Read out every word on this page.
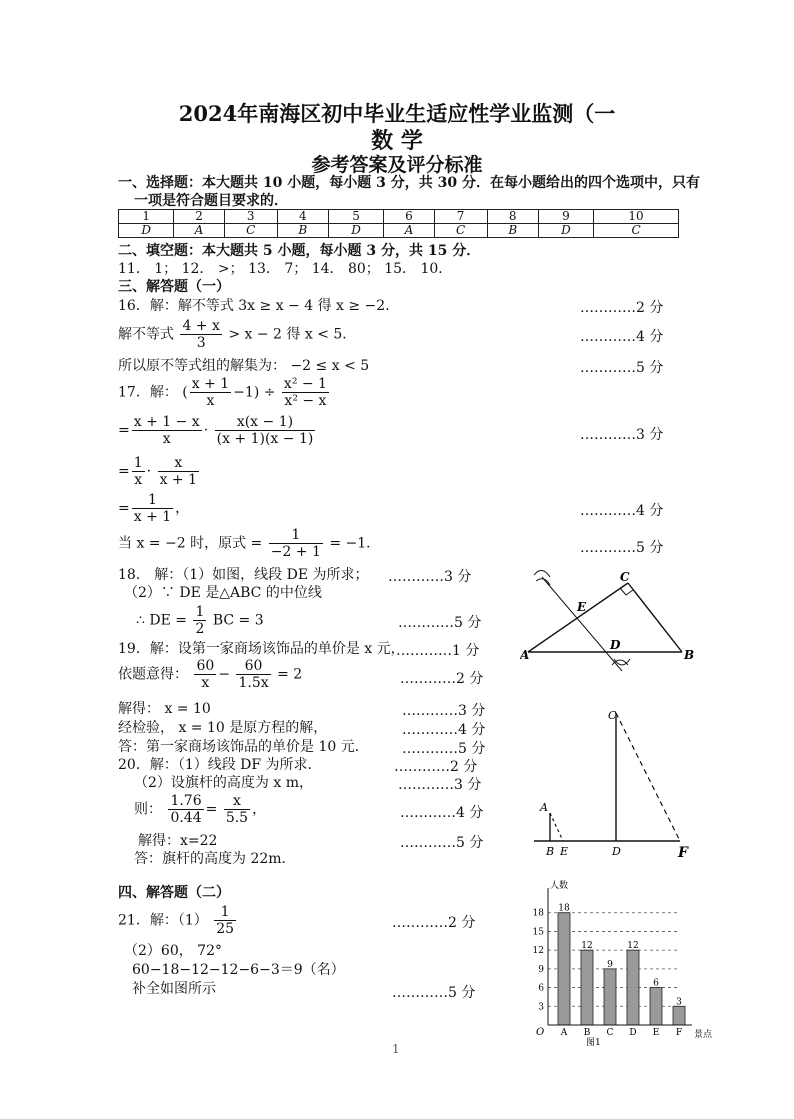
2024年南海区初中毕业生适应性学业监测（一
数 学
参考答案及评分标准
一、选择题：本大题共 10 小题，每小题 3 分，共 30 分．在每小题给出的四个选项中，只有
一项是符合题目要求的．
1	2	3	4	5	6	7	8	9	10
D	A	C	B	D	A	C	B	D	C
二、填空题：本大题共 5 小题，每小题 3 分，共 15 分．
11． 1； 12． >； 13． 7； 14． 80； 15． 10．
三、解答题（一）
16．解：解不等式 3x ≥ x − 4 得 x ≥ −2．	…………2 分
解不等式 $\frac{4 + x}{3} > x - 2$ 得 x < 5．	…………4 分
所以原不等式组的解集为： −2 ≤ x < 5	…………5 分
17．解： ( $\frac{x + 1}{x} -1) \div \frac{\text{x² − 1}}{\text{x² − x}}$
= $\frac{x + 1 - x}{x} \cdot \frac{x(x - 1)}{(x + 1)(x - 1)}$	…………3 分
= $\frac{1}{x} \cdot \frac{x}{x + 1}$
= $\frac{1}{x + 1}$ ，	…………4 分
当 x = −2 时，原式 = $\frac{1}{-2 + 1} = -1$．	…………5 分
18． 解：（1）如图，线段 DE 为所求； …………3 分
（2）∵ DE 是△ABC 的中位线
∴ DE = $\frac{1}{2}$ BC = 3	…………5 分
19．解：设第一家商场该饰品的单价是 x 元，
…………1 分
依题意得： $\frac{60}{x} - \frac{60}{1.5x} = 2$	…………2 分
解得： x = 10	…………3 分
经检验， x = 10 是原方程的解，	…………4 分
答：第一家商场该饰品的单价是 10 元． …………5 分
20．解：（1）线段 DF 为所求．	…………2 分
（2）设旗杆的高度为 x m，	…………3 分
则： $\frac{1.76}{0.44} = \frac{x}{5.5}$ ，	…………4 分
解得：x=22	…………5 分
答：旗杆的高度为 22m．
四、解答题（二）
21．解：$(1) \frac{1}{25}$	…………2 分
（2）60， 72°
60−18−12−12−6−3＝9（名）
补全如图所示	…………5 分
C
E
D
A	B
C
A
B E	D	F
3
6
9
12
15
18 18
A
12
B
9
C
12
D
6
E
3
F
人数
景点
O
图1
1
